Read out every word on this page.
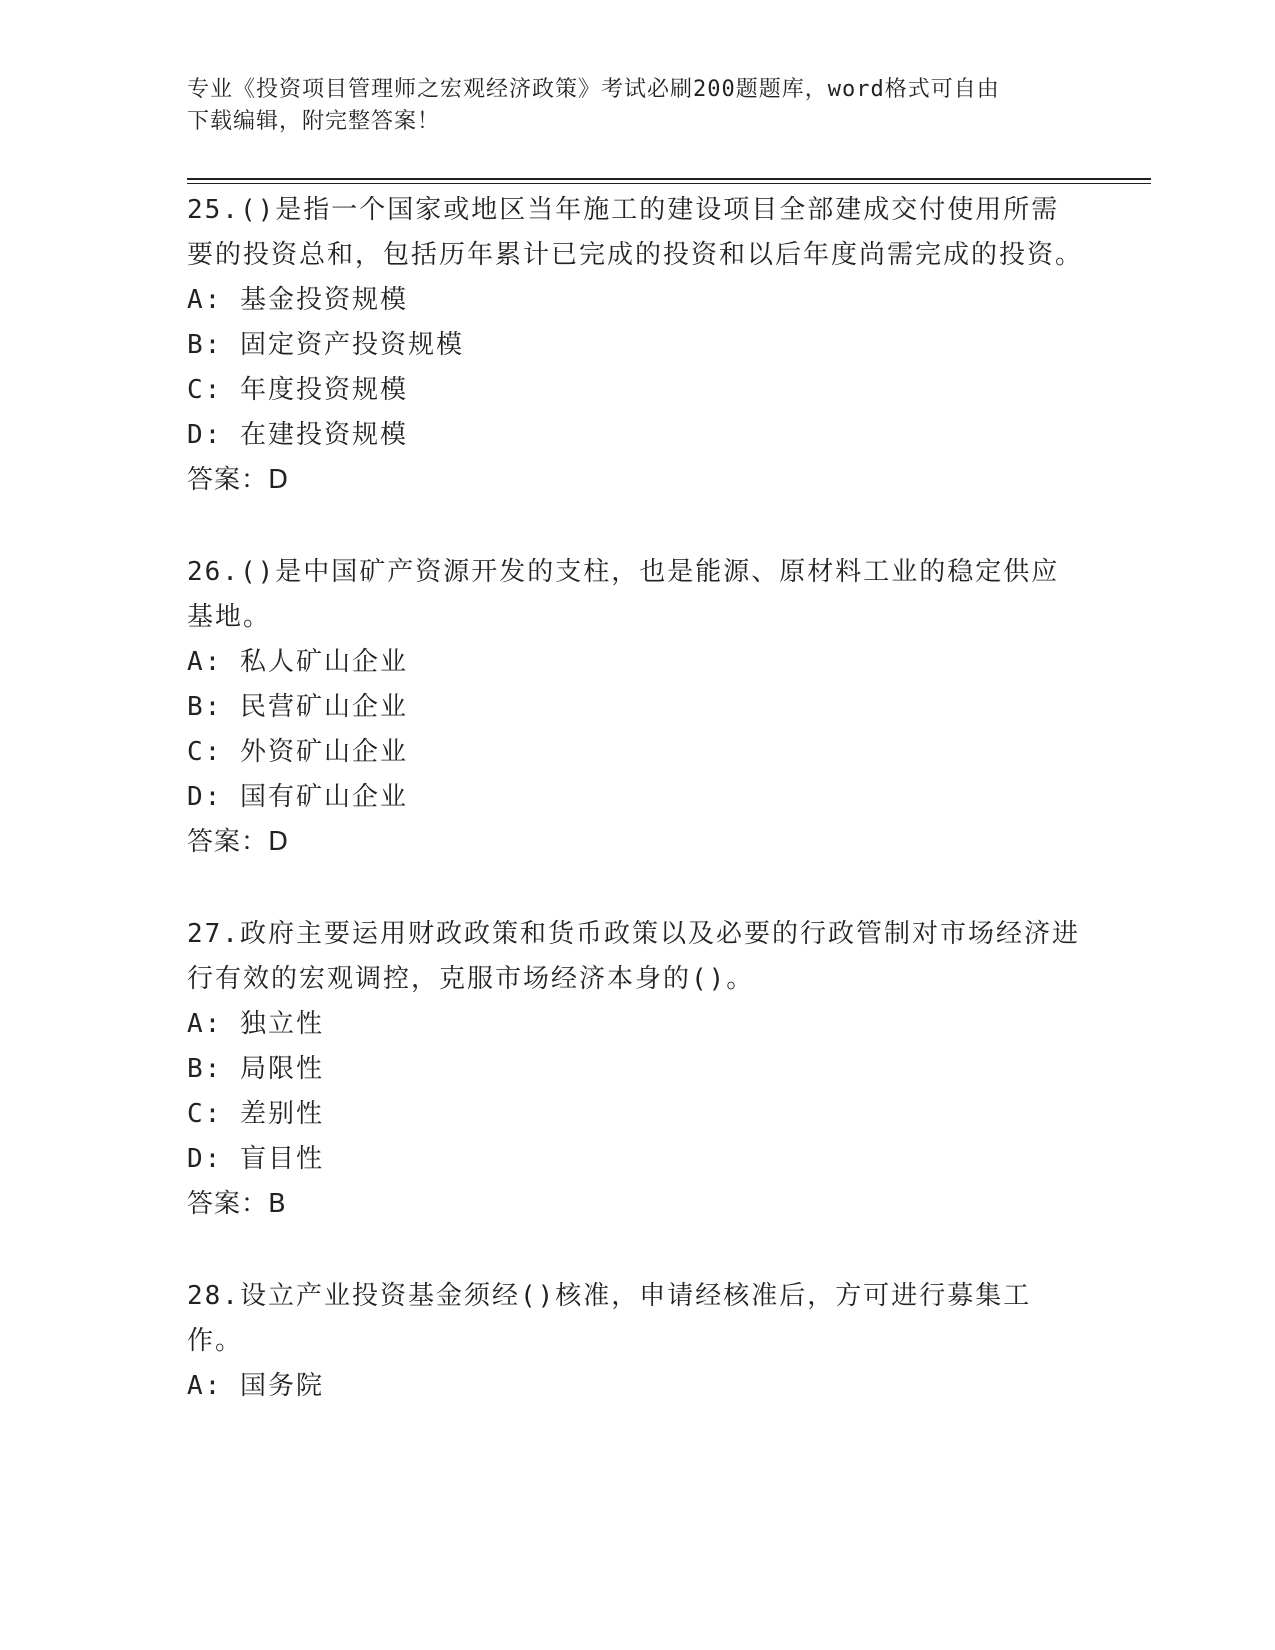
专业《投资项目管理师之宏观经济政策》考试必刷200题题库，word格式可自由
下载编辑，附完整答案！
25.()是指一个国家或地区当年施工的建设项目全部建成交付使用所需要的投资总和，包括历年累计已完成的投资和以后年度尚需完成的投资。
A: 基金投资规模
B: 固定资产投资规模
C: 年度投资规模
D: 在建投资规模
答案：D
26.()是中国矿产资源开发的支柱，也是能源、原材料工业的稳定供应基地。
A: 私人矿山企业
B: 民营矿山企业
C: 外资矿山企业
D: 国有矿山企业
答案：D
27.政府主要运用财政政策和货币政策以及必要的行政管制对市场经济进行有效的宏观调控，克服市场经济本身的()。
A: 独立性
B: 局限性
C: 差别性
D: 盲目性
答案：B
28.设立产业投资基金须经()核准，申请经核准后，方可进行募集工作。
A: 国务院
